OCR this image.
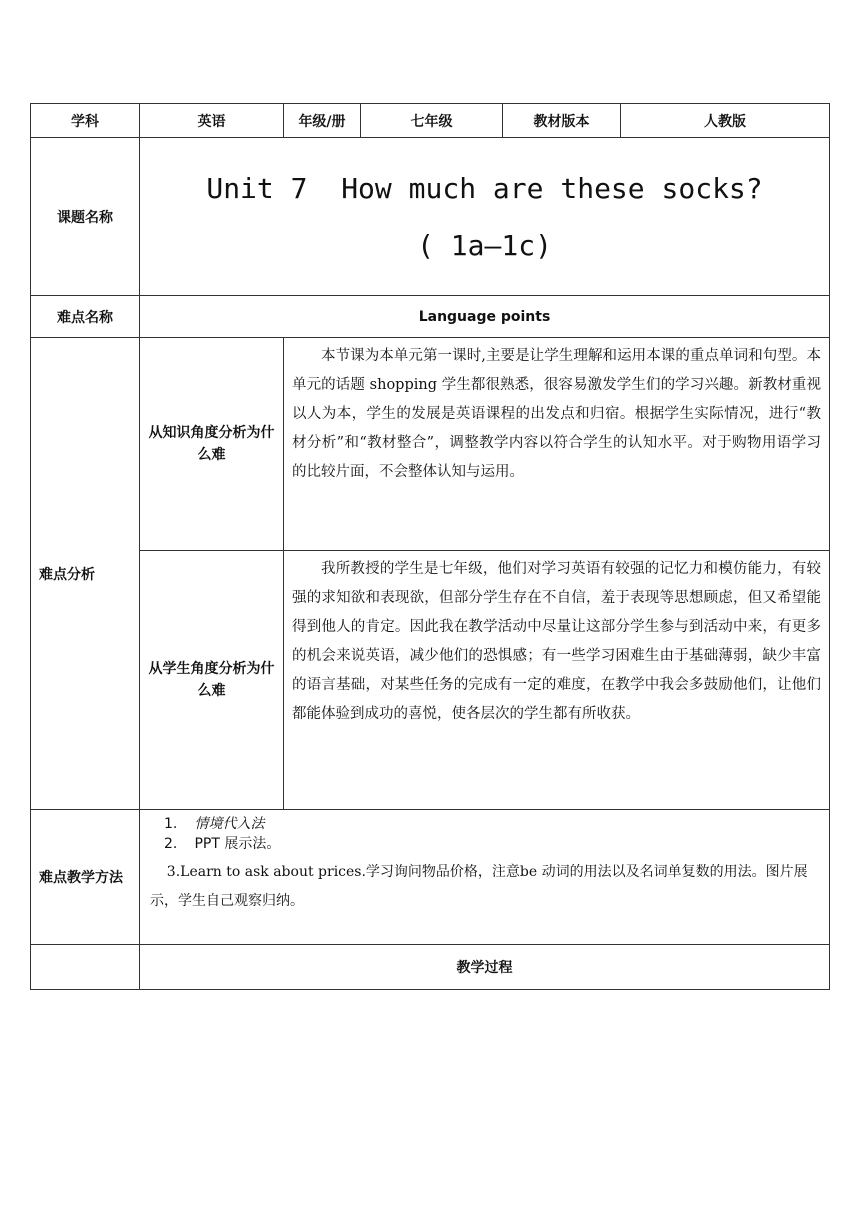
学科	英语	年级/册	七年级	教材版本	人教版
课题名称	Unit 7  How much are these socks?
( 1a—1c)				

难点名称	Language points				
难点分析	从知识角度分析为什么难	本节课为本单元第一课时,主要是让学生理解和运用本课的重点单词和句型。本单元的话题 shopping 学生都很熟悉，很容易激发学生们的学习兴趣。新教材重视以人为本，学生的发展是英语课程的出发点和归宿。根据学生实际情况，进行“教材分析”和“教材整合”，调整教学内容以符合学生的认知水平。对于购物用语学习的比较片面，不会整体认知与运用。			
	从学生角度分析为什么难	我所教授的学生是七年级，他们对学习英语有较强的记忆力和模仿能力，有较强的求知欲和表现欲，但部分学生存在不自信，羞于表现等思想顾虑，但又希望能得到他人的肯定。因此我在教学活动中尽量让这部分学生参与到活动中来，有更多的机会来说英语，减少他们的恐惧感；有一些学习困难生由于基础薄弱，缺少丰富的语言基础，对某些任务的完成有一定的难度，在教学中我会多鼓励他们，让他们都能体验到成功的喜悦，使各层次的学生都有所收获。			
难点教学方法	1. 情境代入法
2. PPT 展示法。
3.Learn to ask about prices.学习询问物品价格，注意be 动词的用法以及名词单复数的用法。图片展示，学生自己观察归纳。				

	教学过程				
